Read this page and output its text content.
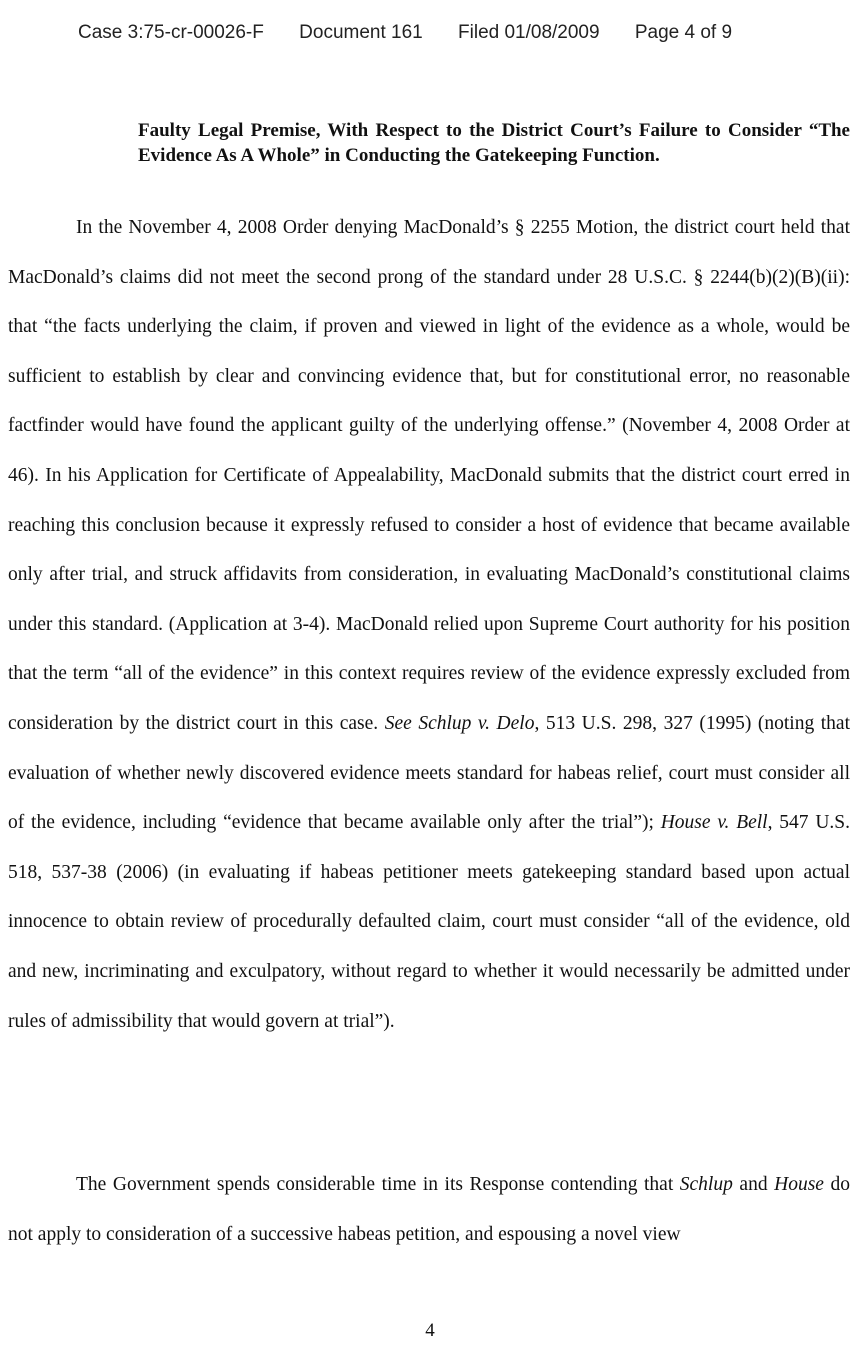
Case 3:75-cr-00026-F Document 161 Filed 01/08/2009 Page 4 of 9
Faulty Legal Premise, With Respect to the District Court’s Failure to Consider “The Evidence As A Whole” in Conducting the Gatekeeping Function.

In the November 4, 2008 Order denying MacDonald’s § 2255 Motion, the district court held that MacDonald’s claims did not meet the second prong of the standard under 28 U.S.C. § 2244(b)(2)(B)(ii): that “the facts underlying the claim, if proven and viewed in light of the evidence as a whole, would be sufficient to establish by clear and convincing evidence that, but for constitutional error, no reasonable factfinder would have found the applicant guilty of the underlying offense.” (November 4, 2008 Order at 46). In his Application for Certificate of Appealability, MacDonald submits that the district court erred in reaching this conclusion because it expressly refused to consider a host of evidence that became available only after trial, and struck affidavits from consideration, in evaluating MacDonald’s constitutional claims under this standard. (Application at 3-4). MacDonald relied upon Supreme Court authority for his position that the term “all of the evidence” in this context requires review of the evidence expressly excluded from consideration by the district court in this case. See Schlup v. Delo, 513 U.S. 298, 327 (1995) (noting that evaluation of whether newly discovered evidence meets standard for habeas relief, court must consider all of the evidence, including “evidence that became available only after the trial”); House v. Bell, 547 U.S. 518, 537-38 (2006) (in evaluating if habeas petitioner meets gatekeeping standard based upon actual innocence to obtain review of procedurally defaulted claim, court must consider “all of the evidence, old and new, incriminating and exculpatory, without regard to whether it would necessarily be admitted under rules of admissibility that would govern at trial”).

The Government spends considerable time in its Response contending that Schlup and House do not apply to consideration of a successive habeas petition, and espousing a novel view

4
